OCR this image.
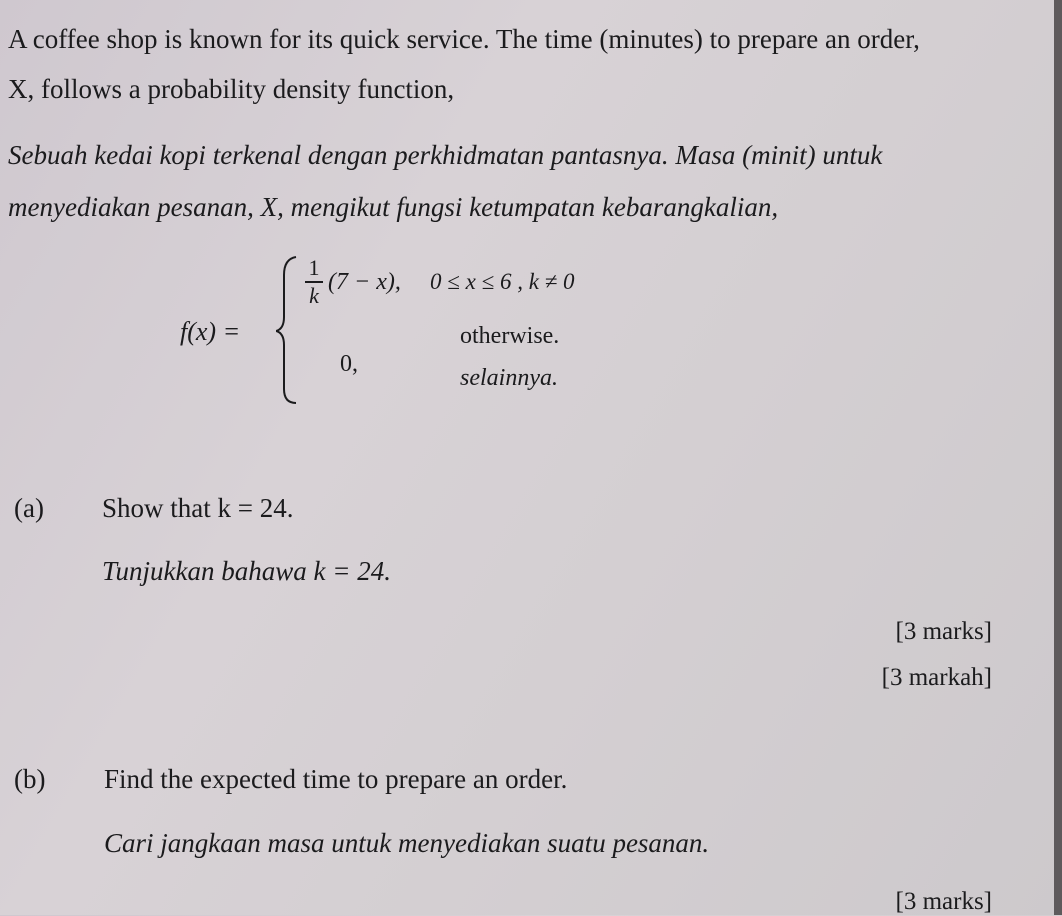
A coffee shop is known for its quick service. The time (minutes) to prepare an order,
X, follows a probability density function,
Sebuah kedai kopi terkenal dengan perkhidmatan pantasnya. Masa (minit) untuk
menyediakan pesanan, X, mengikut fungsi ketumpatan kebarangkalian,
f(x) =
1
k
(7 − x), 0 ≤ x ≤ 6 , k ≠ 0
0,
otherwise.
selainnya.
(a) Show that k = 24.
Tunjukkan bahawa k = 24.
[3 marks]
[3 markah]
(b) Find the expected time to prepare an order.
Cari jangkaan masa untuk menyediakan suatu pesanan.
[3 marks]
